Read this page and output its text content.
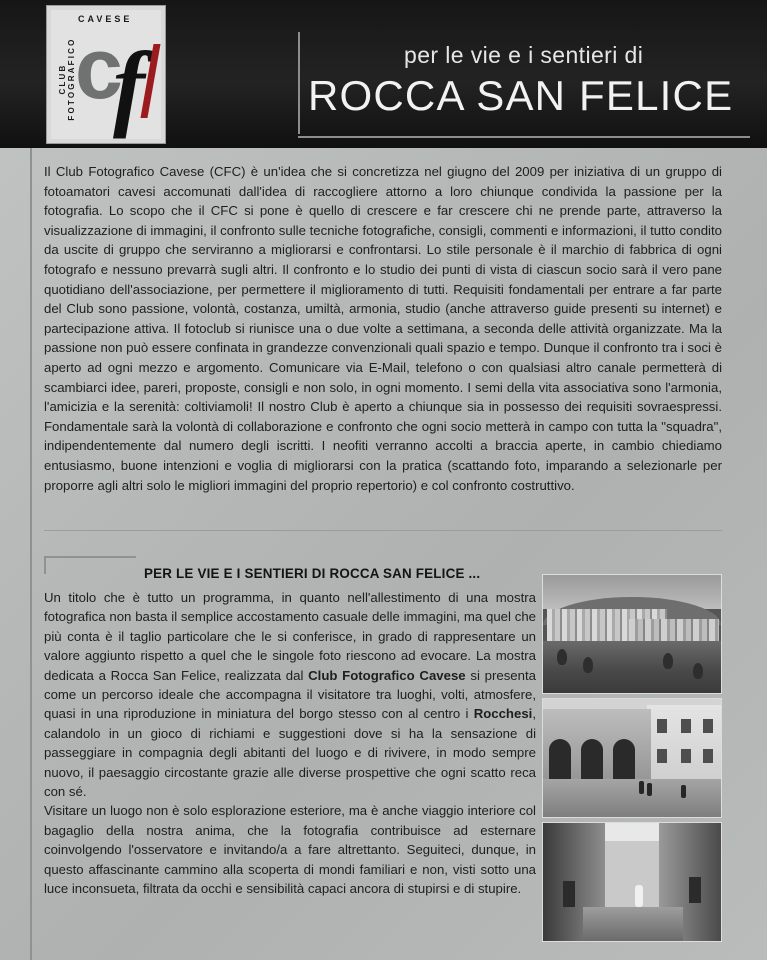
CAVESE
CLUB FOTOGRAFICO c
f	per le vie e i sentieri di
ROCCA SAN FELICE

Il Club Fotografico Cavese (CFC) è un'idea che si concretizza nel giugno del 2009 per iniziativa di un gruppo di fotoamatori cavesi accomunati dall'idea di raccogliere attorno a loro chiunque condivida la passione per la fotografia. Lo scopo che il CFC si pone è quello di crescere e far crescere chi ne prende parte, attraverso la visualizzazione di immagini, il confronto sulle tecniche fotografiche, consigli, commenti e informazioni, il tutto condito da uscite di gruppo che serviranno a migliorarsi e confrontarsi. Lo stile personale è il marchio di fabbrica di ogni fotografo e nessuno prevarrà sugli altri. Il confronto e lo studio dei punti di vista di ciascun socio sarà il vero pane quotidiano dell'associazione, per permettere il miglioramento di tutti. Requisiti fondamentali per entrare a far parte del Club sono passione, volontà, costanza, umiltà, armonia, studio (anche attraverso guide presenti su internet) e partecipazione attiva. Il fotoclub si riunisce una o due volte a settimana, a seconda delle attività organizzate. Ma la passione non può essere confinata in grandezze convenzionali quali spazio e tempo. Dunque il confronto tra i soci è aperto ad ogni mezzo e argomento. Comunicare via E-Mail, telefono o con qualsiasi altro canale permetterà di scambiarci idee, pareri, proposte, consigli e non solo, in ogni momento. I semi della vita associativa sono l'armonia, l'amicizia e la serenità: coltiviamoli! Il nostro Club è aperto a chiunque sia in possesso dei requisiti sovraespressi. Fondamentale sarà la volontà di collaborazione e confronto che ogni socio metterà in campo con tutta la "squadra", indipendentemente dal numero degli iscritti. I neofiti verranno accolti a braccia aperte, in cambio chiediamo entusiasmo, buone intenzioni e voglia di migliorarsi con la pratica (scattando foto, imparando a selezionarle per proporre agli altri solo le migliori immagini del proprio repertorio) e col confronto costruttivo.

PER LE VIE E I SENTIERI DI ROCCA SAN FELICE ...

Un titolo che è tutto un programma, in quanto nell'allestimento di una mostra fotografica non basta il semplice accostamento casuale delle immagini, ma quel che più conta è il taglio particolare che le si conferisce, in grado di rappresentare un valore aggiunto rispetto a quel che le singole foto riescono ad evocare. La mostra dedicata a Rocca San Felice, realizzata dal Club Fotografico Cavese si presenta come un percorso ideale che accompagna il visitatore tra luoghi, volti, atmosfere, quasi in una riproduzione in miniatura del borgo stesso con al centro i Rocchesi, calandolo in un gioco di richiami e suggestioni dove si ha la sensazione di passeggiare in compagnia degli abitanti del luogo e di rivivere, in modo sempre nuovo, il paesaggio circostante grazie alle diverse prospettive che ogni scatto reca con sé.

Visitare un luogo non è solo esplorazione esteriore, ma è anche viaggio interiore col bagaglio della nostra anima, che la fotografia contribuisce ad esternare coinvolgendo l'osservatore e invitando/a a fare altrettanto. Seguiteci, dunque, in questo affascinante cammino alla scoperta di mondi familiari e non, visti sotto una luce inconsueta, filtrata da occhi e sensibilità capaci ancora di stupirsi e di stupire.
